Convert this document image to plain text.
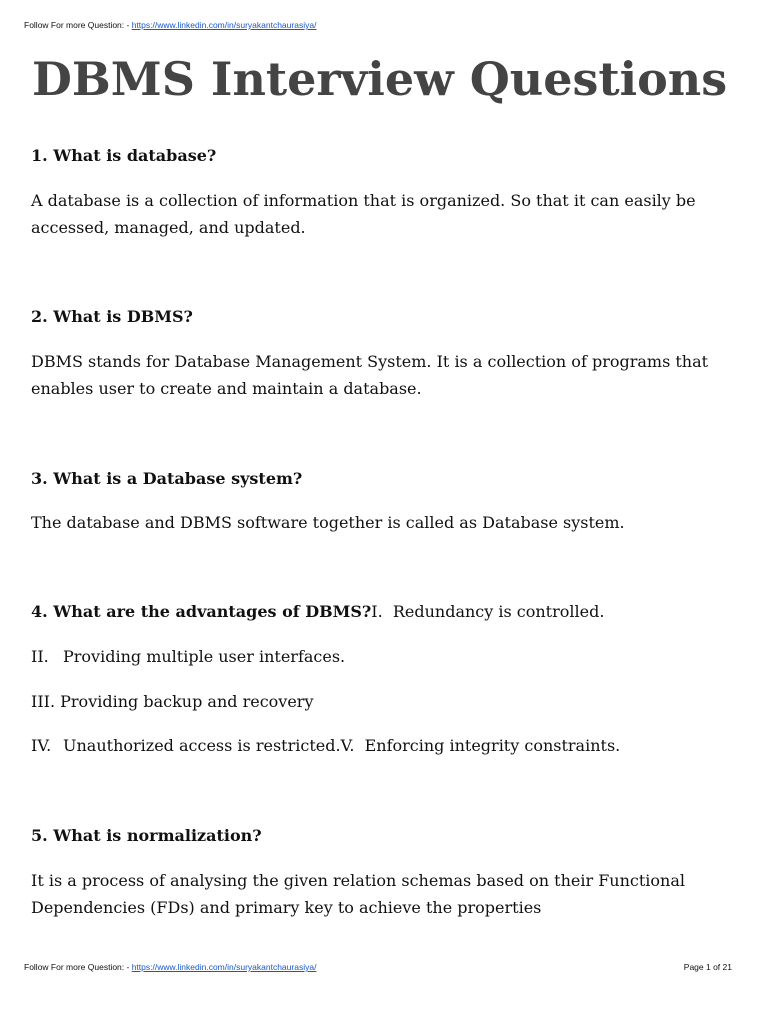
Follow For more Question: - https://www.linkedin.com/in/suryakantchaurasiya/
DBMS Interview Questions

1. What is database?

A database is a collection of information that is organized. So that it can easily be
accessed, managed, and updated.

2. What is DBMS?

DBMS stands for Database Management System. It is a collection of programs that
enables user to create and maintain a database.

3. What is a Database system?

The database and DBMS software together is called as Database system.

4. What are the advantages of DBMS?I. Redundancy is controlled.

II. Providing multiple user interfaces.

III. Providing backup and recovery

IV. Unauthorized access is restricted.V. Enforcing integrity constraints.

5. What is normalization?

It is a process of analysing the given relation schemas based on their Functional
Dependencies (FDs) and primary key to achieve the properties

Follow For more Question: - https://www.linkedin.com/in/suryakantchaurasiya/	Page 1 of 21
